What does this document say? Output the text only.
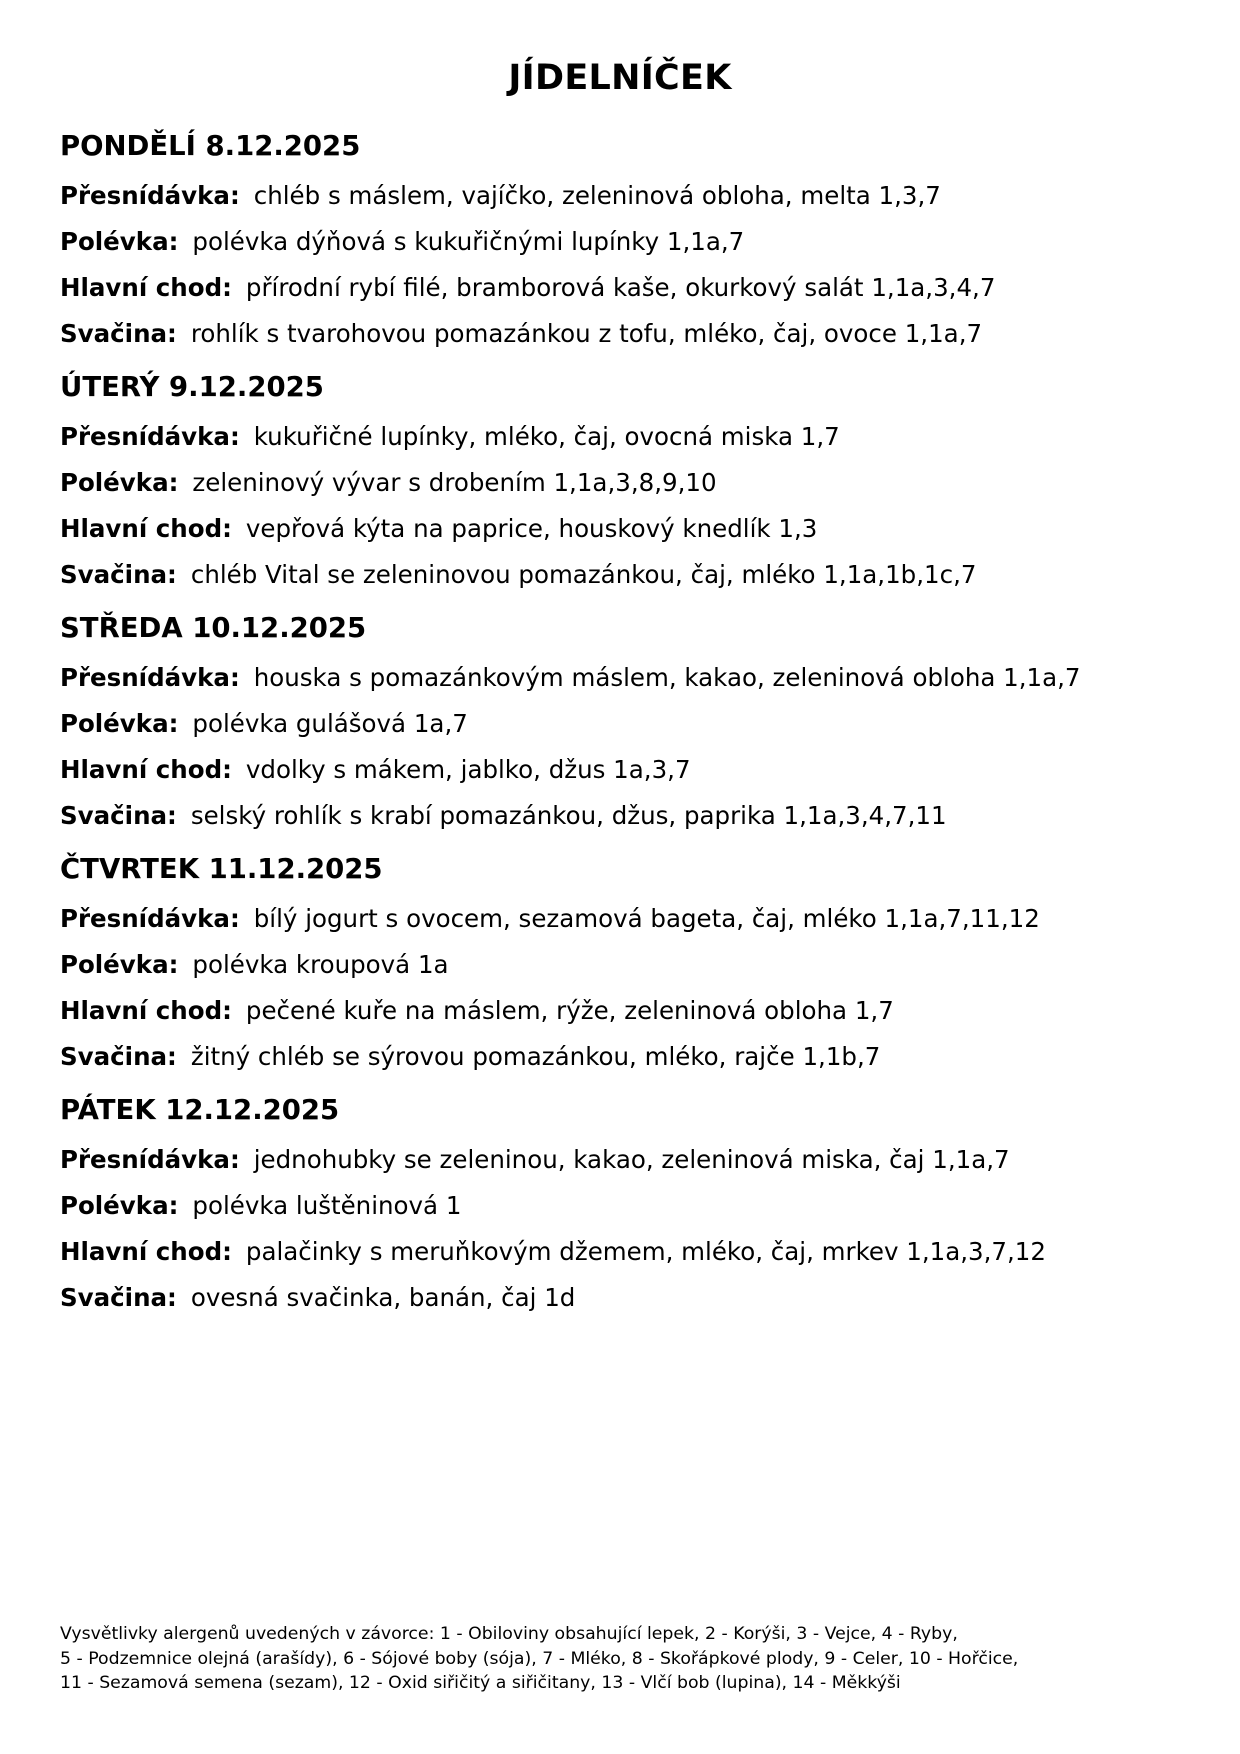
JÍDELNÍČEK
PONDĚLÍ 8.12.2025
Přesnídávka: chléb s máslem, vajíčko, zeleninová obloha, melta 1,3,7
Polévka: polévka dýňová s kukuřičnými lupínky 1,1a,7
Hlavní chod: přírodní rybí filé, bramborová kaše, okurkový salát 1,1a,3,4,7
Svačina: rohlík s tvarohovou pomazánkou z tofu, mléko, čaj, ovoce 1,1a,7
ÚTERÝ 9.12.2025
Přesnídávka: kukuřičné lupínky, mléko, čaj, ovocná miska 1,7
Polévka: zeleninový vývar s drobením 1,1a,3,8,9,10
Hlavní chod: vepřová kýta na paprice, houskový knedlík 1,3
Svačina: chléb Vital se zeleninovou pomazánkou, čaj, mléko 1,1a,1b,1c,7
STŘEDA 10.12.2025
Přesnídávka: houska s pomazánkovým máslem, kakao, zeleninová obloha 1,1a,7
Polévka: polévka gulášová 1a,7
Hlavní chod: vdolky s mákem, jablko, džus 1a,3,7
Svačina: selský rohlík s krabí pomazánkou, džus, paprika 1,1a,3,4,7,11
ČTVRTEK 11.12.2025
Přesnídávka: bílý jogurt s ovocem, sezamová bageta, čaj, mléko 1,1a,7,11,12
Polévka: polévka kroupová 1a
Hlavní chod: pečené kuře na máslem, rýže, zeleninová obloha 1,7
Svačina: žitný chléb se sýrovou pomazánkou, mléko, rajče 1,1b,7
PÁTEK 12.12.2025
Přesnídávka: jednohubky se zeleninou, kakao, zeleninová miska, čaj 1,1a,7
Polévka: polévka luštěninová 1
Hlavní chod: palačinky s meruňkovým džemem, mléko, čaj, mrkev 1,1a,3,7,12
Svačina: ovesná svačinka, banán, čaj 1d
Vysvětlivky alergenů uvedených v závorce: 1 - Obiloviny obsahující lepek, 2 - Korýši, 3 - Vejce, 4 - Ryby,
5 - Podzemnice olejná (arašídy), 6 - Sójové boby (sója), 7 - Mléko, 8 - Skořápkové plody, 9 - Celer, 10 - Hořčice,
11 - Sezamová semena (sezam), 12 - Oxid siřičitý a siřičitany, 13 - Vlčí bob (lupina), 14 - Měkkýši
